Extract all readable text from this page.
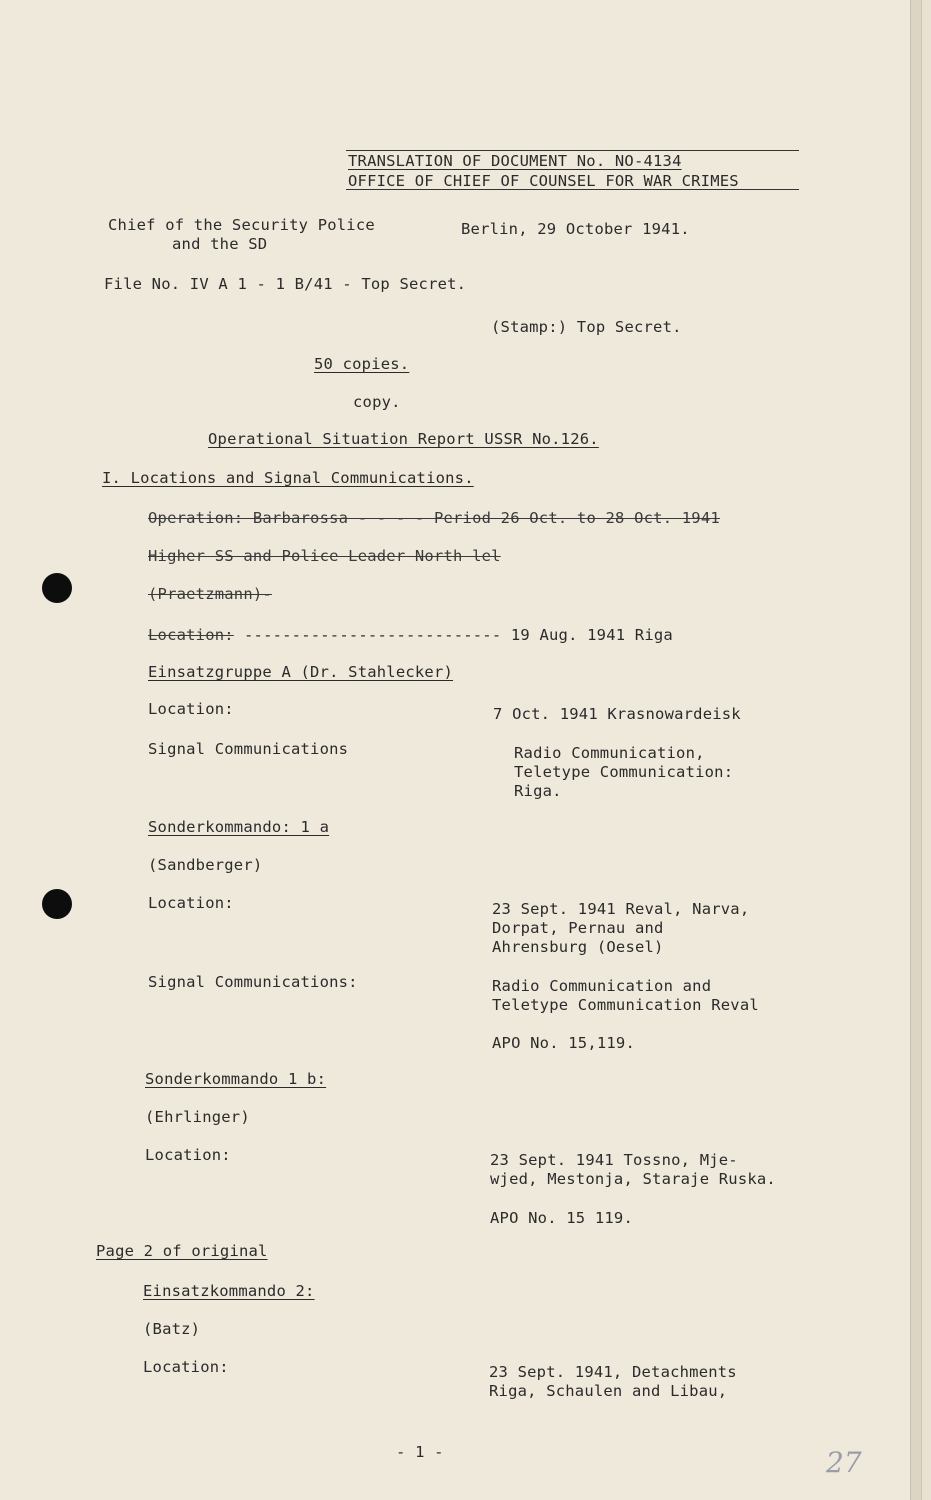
TRANSLATION OF DOCUMENT No. NO-4134
OFFICE OF CHIEF OF COUNSEL FOR WAR CRIMES
Chief of the Security Police
and the SD
Berlin, 29 October 1941.
File No. IV A 1 - 1 B/41 - Top Secret.
(Stamp:) Top Secret.
50 copies.
copy.
Operational Situation Report USSR No.126.
I. Locations and Signal Communications.
Operation: Barbarossa - - - - Period 26 Oct. to 28 Oct. 1941
Higher SS and Police Leader North lel
(Praetzmann)-
Location: --------------------------- 19 Aug. 1941 Riga
Einsatzgruppe A (Dr. Stahlecker)
Location:	7 Oct. 1941 Krasnowardeisk
Signal Communications	Radio Communication,
Teletype Communication:
Riga.
Sonderkommando: 1 a
(Sandberger)
Location:	23 Sept. 1941 Reval, Narva,
Dorpat, Pernau and
Ahrensburg (Oesel)
Signal Communications:	Radio Communication and
Teletype Communication Reval
APO No. 15,119.
Sonderkommando 1 b:
(Ehrlinger)
Location:	23 Sept. 1941 Tossno, Mje-
wjed, Mestonja, Staraje Ruska.
APO No. 15 119.
Page 2 of original
Einsatzkommando 2:
(Batz)
Location:	23 Sept. 1941, Detachments
Riga, Schaulen and Libau,
- 1 -	27
